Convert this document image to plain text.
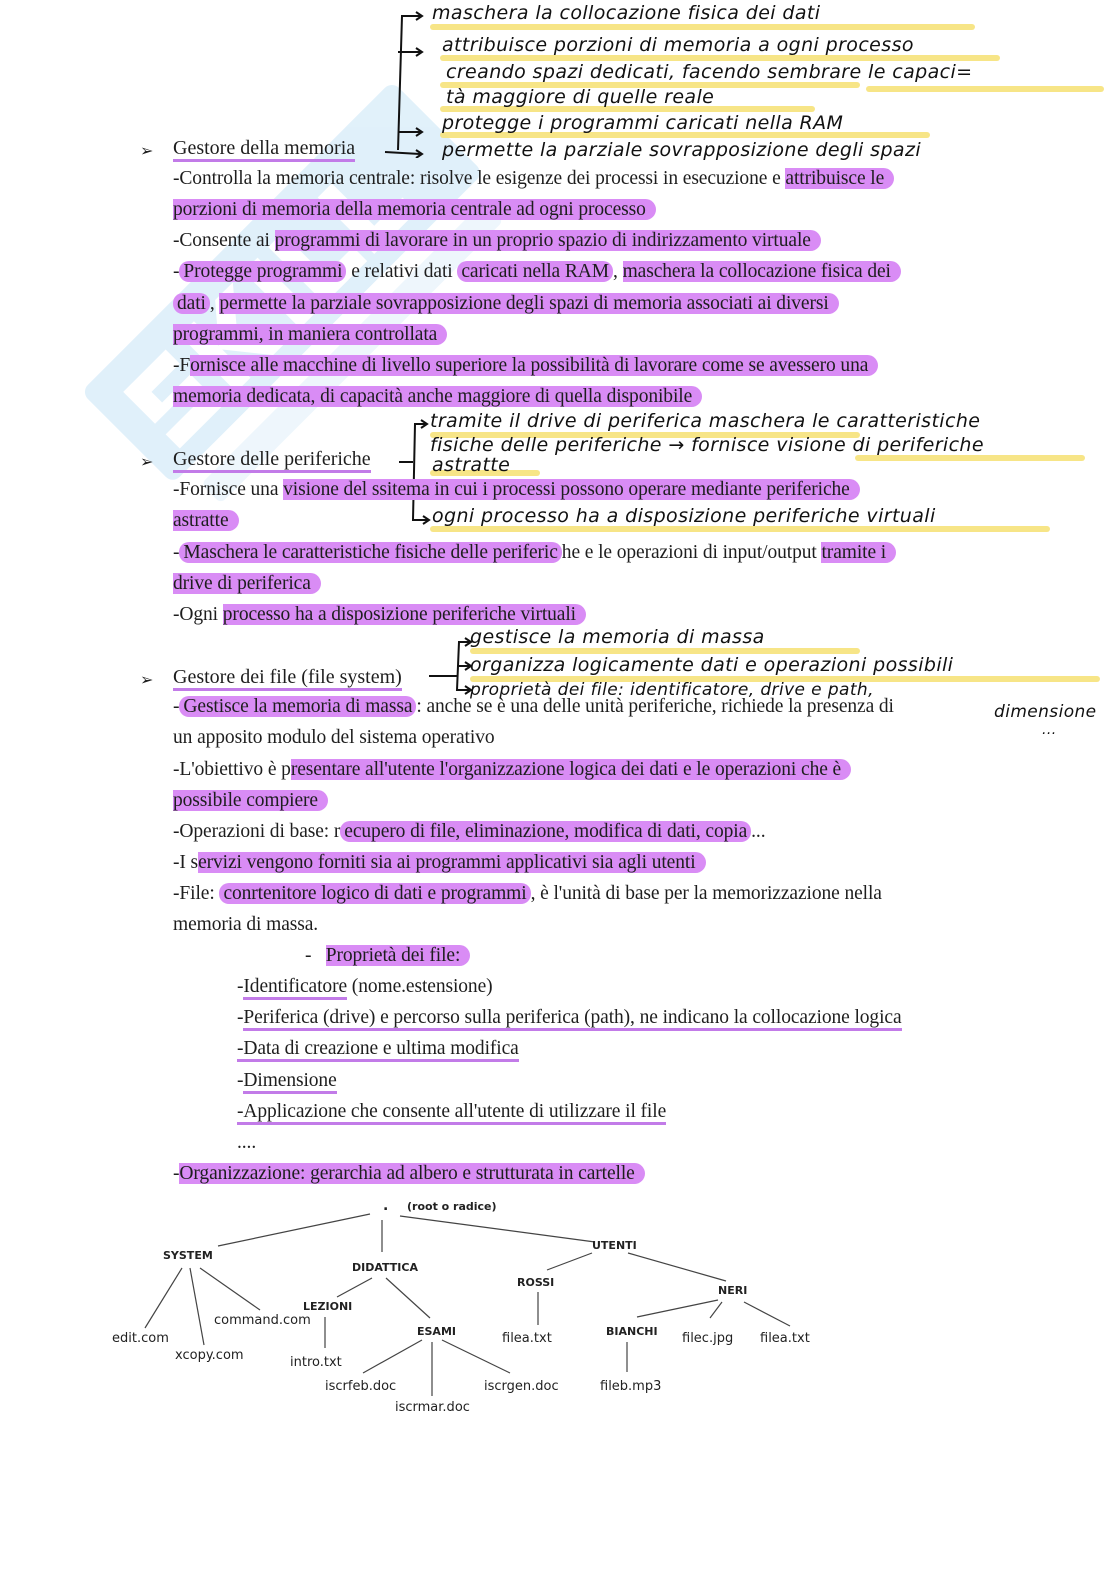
maschera la collocazione fisica dei dati
attribuisce porzioni di memoria a ogni processo
creando spazi dedicati, facendo sembrare le capaci=
tà maggiore di quelle reale
protegge i programmi caricati nella RAM
permette la parziale sovrapposizione degli spazi
➢ Gestore della memoria
-Controlla la memoria centrale: risolve le esigenze dei processi in esecuzione e attribuisce le
porzioni di memoria della memoria centrale ad ogni processo
-Consente ai programmi di lavorare in un proprio spazio di indirizzamento virtuale
- Protegge programmi e relativi dati caricati nella RAM , maschera la collocazione fisica dei
dati , permette la parziale sovrapposizione degli spazi di memoria associati ai diversi
programmi, in maniera controllata
-Fornisce alle macchine di livello superiore la possibilità di lavorare come se avessero una
memoria dedicata, di capacità anche maggiore di quella disponibile
tramite il drive di periferica maschera le caratteristiche
fisiche delle periferiche → fornisce visione di periferiche
astratte
ogni processo ha a disposizione periferiche virtuali
➢ Gestore delle periferiche
-Fornisce una visione del ssitema in cui i processi possono operare mediante periferiche
astratte
- Maschera le caratteristiche fisiche delle periferic he e le operazioni di input/output tramite i
drive di periferica
-Ogni processo ha a disposizione periferiche virtuali
gestisce la memoria di massa
organizza logicamente dati e operazioni possibili
proprietà dei file: identificatore, drive e path,
dimensione
...
➢ Gestore dei file (file system)
- Gestisce la memoria di massa : anche se è una delle unità periferiche, richiede la presenza di
un apposito modulo del sistema operativo
-L'obiettivo è presentare all'utente l'organizzazione logica dei dati e le operazioni che è
possibile compiere
-Operazioni di base: r ecupero di file, eliminazione, modifica di dati, copia ...
-I servizi vengono forniti sia ai programmi applicativi sia agli utenti
-File: conrtenitore logico di dati e programmi , è l'unità di base per la memorizzazione nella
memoria di massa.
- Proprietà dei file:
-Identificatore (nome.estensione)
-Periferica (drive) e percorso sulla periferica (path), ne indicano la collocazione logica
-Data di creazione e ultima modifica
-Dimensione
-Applicazione che consente all'utente di utilizzare il file
....
-Organizzazione: gerarchia ad albero e strutturata in cartelle
. (root o radice)
SYSTEM
DIDATTICA
UTENTI
LEZIONI
ESAMI
ROSSI
NERI
BIANCHI
edit.com
xcopy.com
command.com
intro.txt
iscrfeb.doc
iscrmar.doc
iscrgen.doc
filea.txt
fileb.mp3
filec.jpg filea.txt
